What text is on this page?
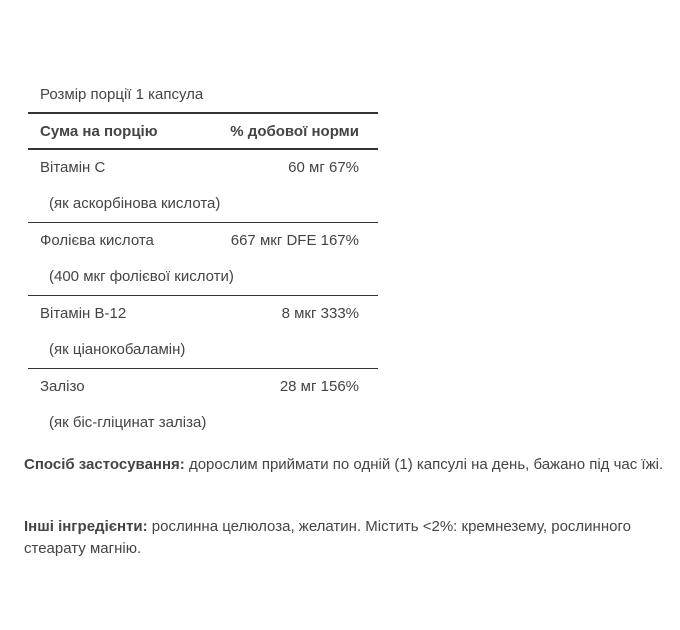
Розмір порції 1 капсула
Сума на порцію	% добової норми
Вітамін С	60 мг 67%
(як аскорбінова кислота)
Фолієва кислота	667 мкг DFE 167%
(400 мкг фолієвої кислоти)
Вітамін B-12	8 мкг 333%
(як ціанокобаламін)
Залізо	28 мг 156%
(як біс-гліцинат заліза)

Спосіб застосування: дорослим приймати по одній (1) капсулі на день, бажано під час їжі.

Інші інгредієнти: рослинна целюлоза, желатин. Містить <2%: кремнезему, рослинного стеарату магнію.
